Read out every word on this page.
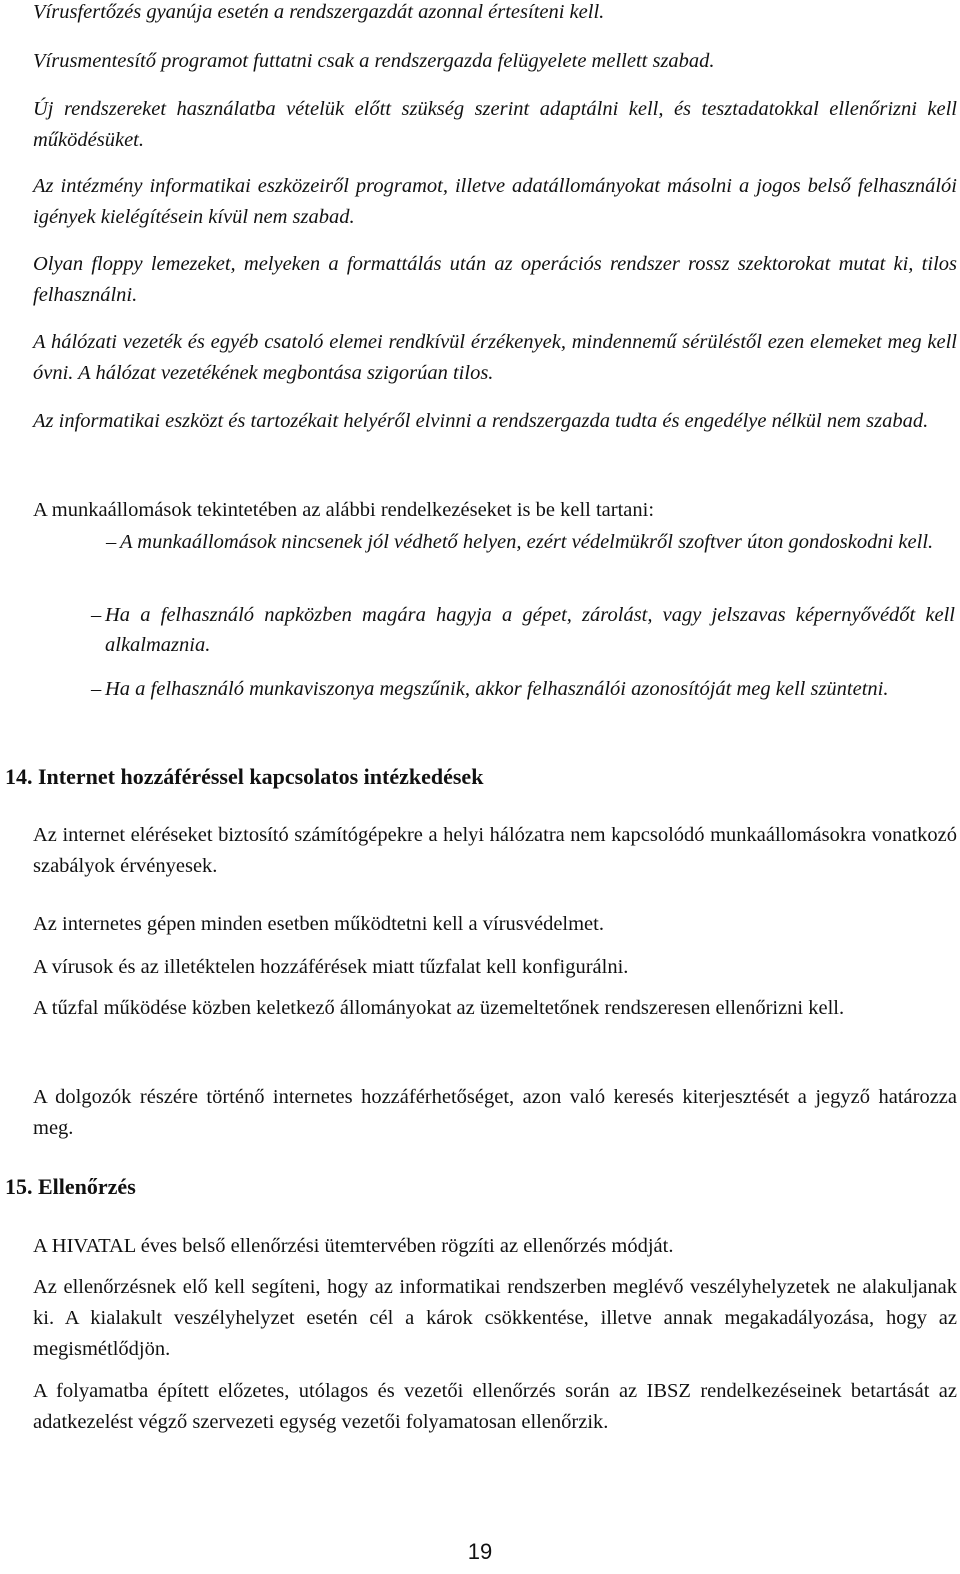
Vírusfertőzés gyanúja esetén a rendszergazdát azonnal értesíteni kell.

Vírusmentesítő programot futtatni csak a rendszergazda felügyelete mellett szabad.

Új rendszereket használatba vételük előtt szükség szerint adaptálni kell, és tesztadatokkal ellenőrizni kell működésüket.

Az intézmény informatikai eszközeiről programot, illetve adatállományokat másolni a jogos belső felhasználói igények kielégítésein kívül nem szabad.

Olyan floppy lemezeket, melyeken a formattálás után az operációs rendszer rossz szektorokat mutat ki, tilos felhasználni.

A hálózati vezeték és egyéb csatoló elemei rendkívül érzékenyek, mindennemű sérüléstől ezen elemeket meg kell óvni. A hálózat vezetékének megbontása szigorúan tilos.

Az informatikai eszközt és tartozékait helyéről elvinni a rendszergazda tudta és engedélye nélkül nem szabad.

A munkaállomások tekintetében az alábbi rendelkezéseket is be kell tartani:

– A munkaállomások nincsenek jól védhető helyen, ezért védelmükről szoftver úton gondoskodni kell.
– Ha a felhasználó napközben magára hagyja a gépet, zárolást, vagy jelszavas képernyővédőt kell alkalmaznia.
– Ha a felhasználó munkaviszonya megszűnik, akkor felhasználói azonosítóját meg kell szüntetni.
14. Internet hozzáféréssel kapcsolatos intézkedések

Az internet eléréseket biztosító számítógépekre a helyi hálózatra nem kapcsolódó munkaállomásokra vonatkozó szabályok érvényesek.

Az internetes gépen minden esetben működtetni kell a vírusvédelmet.

A vírusok és az illetéktelen hozzáférések miatt tűzfalat kell konfigurálni.

A tűzfal működése közben keletkező állományokat az üzemeltetőnek rendszeresen ellenőrizni kell.

A dolgozók részére történő internetes hozzáférhetőséget, azon való keresés kiterjesztését a jegyző határozza meg.

15. Ellenőrzés

A HIVATAL éves belső ellenőrzési ütemtervében rögzíti az ellenőrzés módját.

Az ellenőrzésnek elő kell segíteni, hogy az informatikai rendszerben meglévő veszélyhelyzetek ne alakuljanak ki. A kialakult veszélyhelyzet esetén cél a károk csökkentése, illetve annak megakadályozása, hogy az megismétlődjön.

A folyamatba épített előzetes, utólagos és vezetői ellenőrzés során az IBSZ rendelkezéseinek betartását az adatkezelést végző szervezeti egység vezetői folyamatosan ellenőrzik.

19
